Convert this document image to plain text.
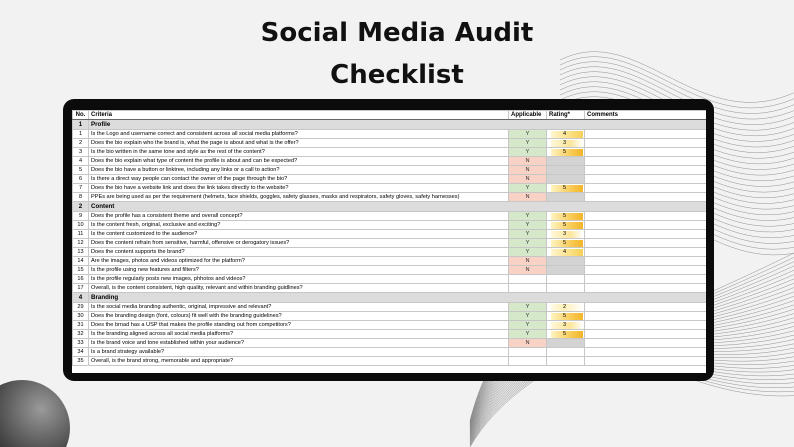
Social Media Audit
Checklist
No.	Criteria	Applicable	Rating*	Comments
1	Profile			
1	Is the Logo and username correct and consistent across all social media platforms?	Y	4	

2	Does the bio explain who the brand is, what the page is about and what is the offer?	Y	3	

3	Is the bio written in the same tone and style as the rest of the content?	Y	5	

4	Does the bio explain what type of content the profile is about and can be expected?	N		
5	Does the bio have a button or linktree, including any links or a call to action?	N		
6	Is there a direct way people can contact the owner of the page through the bio?	N		
7	Does the bio have a website link and does the link takes directly to the website?	Y	5	

8	PPEs are being used as per the requirement (helmets, face shields, goggles, safety glasses, masks and respirators, safety gloves, safety harnesses)	N		
2	Content			
9	Does the profile has a consistent theme and overall concept?	Y	5	

10	Is the content fresh, original, exclusive and exciting?	Y	5	

11	Is the content customized to the audience?	Y	3	

12	Does the content refrain from sensitive, harmful, offensive or derogatory issues?	Y	5	

13	Does the content supports the brand?	Y	4	

14	Are the images, photos and videos optimized for the platform?	N		
15	Is the profile using new features and filters?	N		
16	Is the profile regularly posts new images, phhotos and videos?			
17	Overall, is the content consistent, high quality, relevant and within branding guidlines?			
4	Branding			
29	Is the social media branding authentic, original, impressive and relevant?	Y	2	

30	Does the branding design (font, colours) fit well with the branding guidelines?	Y	5	

31	Does the brnad has a USP that makes the profile standing out from competitors?	Y	3	

32	Is the branding aligned across all social media platforms?	Y	5	

33	Is the brand voice and tone established within your audience?	N		
34	Is a brand strategy available?			
35	Overall, is the brand strong, memorable and appropriate?			
